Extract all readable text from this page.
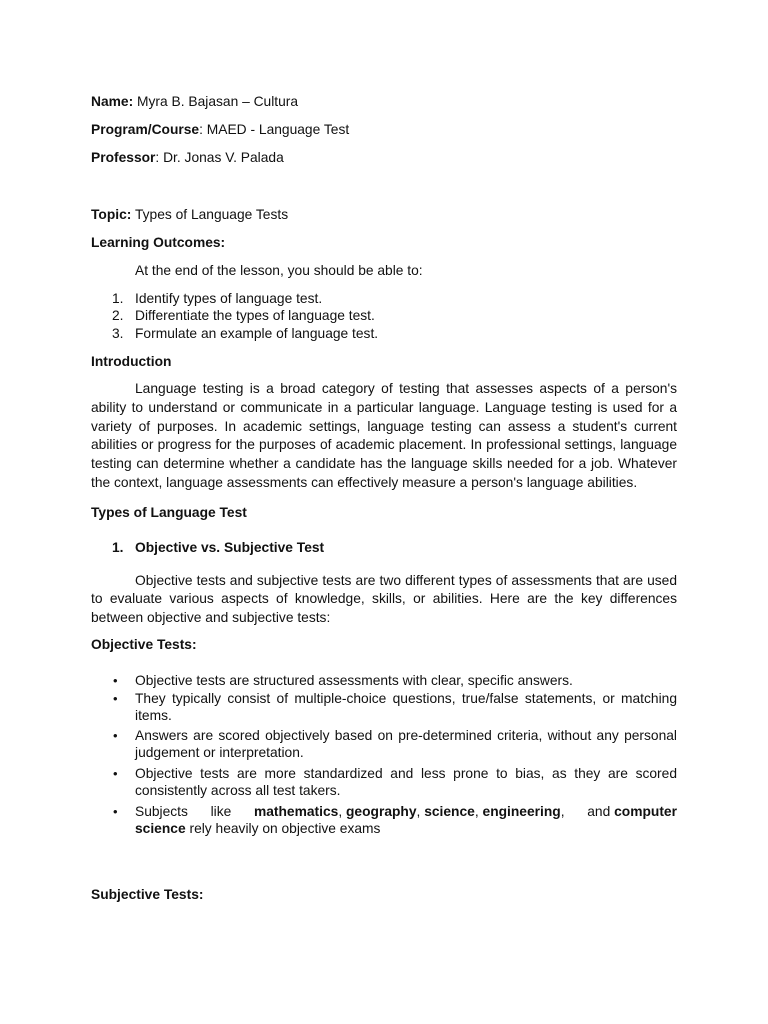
Name: Myra B. Bajasan – Cultura
Program/Course: MAED - Language Test
Professor: Dr. Jonas V. Palada
Topic: Types of Language Tests
Learning Outcomes:
At the end of the lesson, you should be able to:
1. Identify types of language test.
2. Differentiate the types of language test.
3. Formulate an example of language test.
Introduction
Language testing is a broad category of testing that assesses aspects of a person's ability to understand or communicate in a particular language. Language testing is used for a variety of purposes. In academic settings, language testing can assess a student's current abilities or progress for the purposes of academic placement. In professional settings, language testing can determine whether a candidate has the language skills needed for a job. Whatever the context, language assessments can effectively measure a person's language abilities.
Types of Language Test
1. Objective vs. Subjective Test
Objective tests and subjective tests are two different types of assessments that are used to evaluate various aspects of knowledge, skills, or abilities. Here are the key differences between objective and subjective tests:
Objective Tests:
•	Objective tests are structured assessments with clear, specific answers.
•	They typically consist of multiple-choice questions, true/false statements, or matching items.
•	Answers are scored objectively based on pre-determined criteria, without any personal judgement or interpretation.
•	Objective tests are more standardized and less prone to bias, as they are scored consistently across all test takers.
•	Subjects like mathematics, geography, science, engineering, and computer
science rely heavily on objective exams
Subjective Tests:
